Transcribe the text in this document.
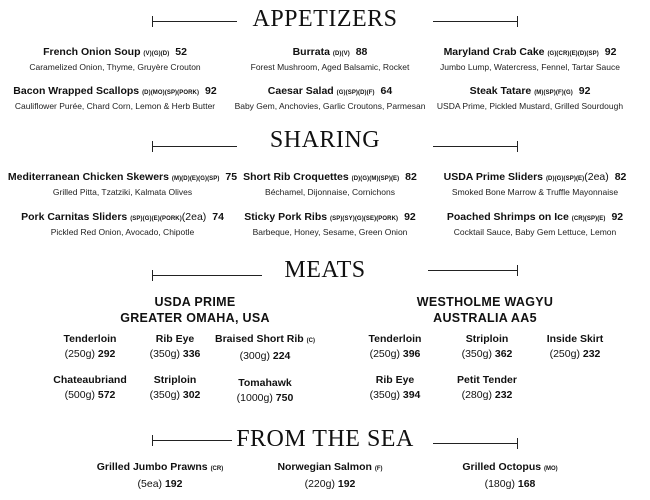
APPETIZERS
French Onion Soup (V)(G)(D) 52
Caramelized Onion, Thyme, Gruyère Crouton
Burrata (D)(V) 88
Forest Mushroom, Aged Balsamic, Rocket
Maryland Crab Cake (G)(CR)(E)(D)(SP) 92
Jumbo Lump, Watercress, Fennel, Tartar Sauce
Bacon Wrapped Scallops (D)(MO)(SP)(PORK) 92
Cauliflower Purée, Chard Corn, Lemon & Herb Butter
Caesar Salad (G)(SP)(D)(F) 64
Baby Gem, Anchovies, Garlic Croutons, Parmesan
Steak Tatare (M)(SP)(F)(G) 92
USDA Prime, Pickled Mustard, Grilled Sourdough
SHARING
Mediterranean Chicken Skewers (M)(D)(E)(G)(SP) 75
Grilled Pitta, Tzatziki, Kalmata Olives
Short Rib Croquettes (D)(G)(M)(SP)(E) 82
Béchamel, Dijonnaise, Cornichons
USDA Prime Sliders (D)(G)(SP)(E)(2ea) 82
Smoked Bone Marrow & Truffle Mayonnaise
Pork Carnitas Sliders (SP)(G)(E)(PORK)(2ea) 74
Pickled Red Onion, Avocado, Chipotle
Sticky Pork Ribs (SP)(SY)(G)(SE)(PORK) 92
Barbeque, Honey, Sesame, Green Onion
Poached Shrimps on Ice (CR)(SP)(E) 92
Cocktail Sauce, Baby Gem Lettuce, Lemon
MEATS
USDA PRIME
GREATER OMAHA, USA
WESTHOLME WAGYU
AUSTRALIA AA5
Tenderloin
(250g) 292
Rib Eye
(350g) 336
Braised Short Rib (C)
(300g) 224
Chateaubriand
(500g) 572
Striploin
(350g) 302
Tomahawk
(1000g) 750
Tenderloin
(250g) 396
Striploin
(350g) 362
Inside Skirt
(250g) 232
Rib Eye
(350g) 394
Petit Tender
(280g) 232
FROM THE SEA
Grilled Jumbo Prawns (CR)
(5ea) 192
Norwegian Salmon (F)
(220g) 192
Grilled Octopus (MO)
(180g) 168
